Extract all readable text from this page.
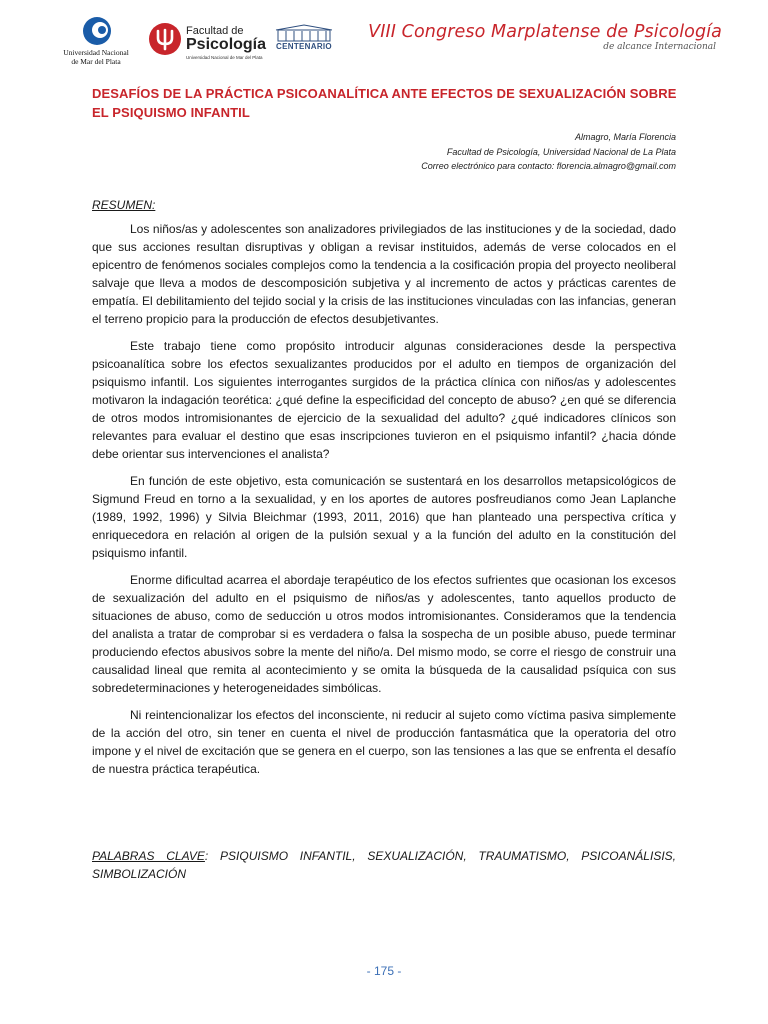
Universidad Nacional
de Mar del Plata
Facultad de
Psicología
Universidad Nacional de Mar del Plata
CENTENARIO
VIII Congreso Marplatense de Psicología
de alcance Internacional
DESAFÍOS DE LA PRÁCTICA PSICOANALÍTICA ANTE EFECTOS DE SEXUALIZACIÓN SOBRE EL PSIQUISMO INFANTIL
Almagro, María Florencia
Facultad de Psicología, Universidad Nacional de La Plata
Correo electrónico para contacto: florencia.almagro@gmail.com
RESUMEN:

Los niños/as y adolescentes son analizadores privilegiados de las instituciones y de la sociedad, dado que sus acciones resultan disruptivas y obligan a revisar instituidos, además de verse colocados en el epicentro de fenómenos sociales complejos como la tendencia a la cosificación propia del proyecto neoliberal salvaje que lleva a modos de descomposición subjetiva y al incremento de actos y prácticas carentes de empatía. El debilitamiento del tejido social y la crisis de las instituciones vinculadas con las infancias, generan el terreno propicio para la producción de efectos desubjetivantes.

Este trabajo tiene como propósito introducir algunas consideraciones desde la perspectiva psicoanalítica sobre los efectos sexualizantes producidos por el adulto en tiempos de organización del psiquismo infantil. Los siguientes interrogantes surgidos de la práctica clínica con niños/as y adolescentes motivaron la indagación teorética: ¿qué define la especificidad del concepto de abuso? ¿en qué se diferencia de otros modos intromisionantes de ejercicio de la sexualidad del adulto? ¿qué indicadores clínicos son relevantes para evaluar el destino que esas inscripciones tuvieron en el psiquismo infantil? ¿hacia dónde debe orientar sus intervenciones el analista?

En función de este objetivo, esta comunicación se sustentará en los desarrollos metapsicológicos de Sigmund Freud en torno a la sexualidad, y en los aportes de autores posfreudianos como Jean Laplanche (1989, 1992, 1996) y Silvia Bleichmar (1993, 2011, 2016) que han planteado una perspectiva crítica y enriquecedora en relación al origen de la pulsión sexual y a la función del adulto en la constitución del psiquismo infantil.

Enorme dificultad acarrea el abordaje terapéutico de los efectos sufrientes que ocasionan los excesos de sexualización del adulto en el psiquismo de niños/as y adolescentes, tanto aquellos producto de situaciones de abuso, como de seducción u otros modos intromisionantes. Consideramos que la tendencia del analista a tratar de comprobar si es verdadera o falsa la sospecha de un posible abuso, puede terminar produciendo efectos abusivos sobre la mente del niño/a. Del mismo modo, se corre el riesgo de construir una causalidad lineal que remita al acontecimiento y se omita la búsqueda de la causalidad psíquica con sus sobredeterminaciones y heterogeneidades simbólicas.

Ni reintencionalizar los efectos del inconsciente, ni reducir al sujeto como víctima pasiva simplemente de la acción del otro, sin tener en cuenta el nivel de producción fantasmática que la operatoria del otro impone y el nivel de excitación que se genera en el cuerpo, son las tensiones a las que se enfrenta el desafío de nuestra práctica terapéutica.

PALABRAS CLAVE: PSIQUISMO INFANTIL, SEXUALIZACIÓN, TRAUMATISMO, PSICOANÁLISIS, SIMBOLIZACIÓN
- 175 -
